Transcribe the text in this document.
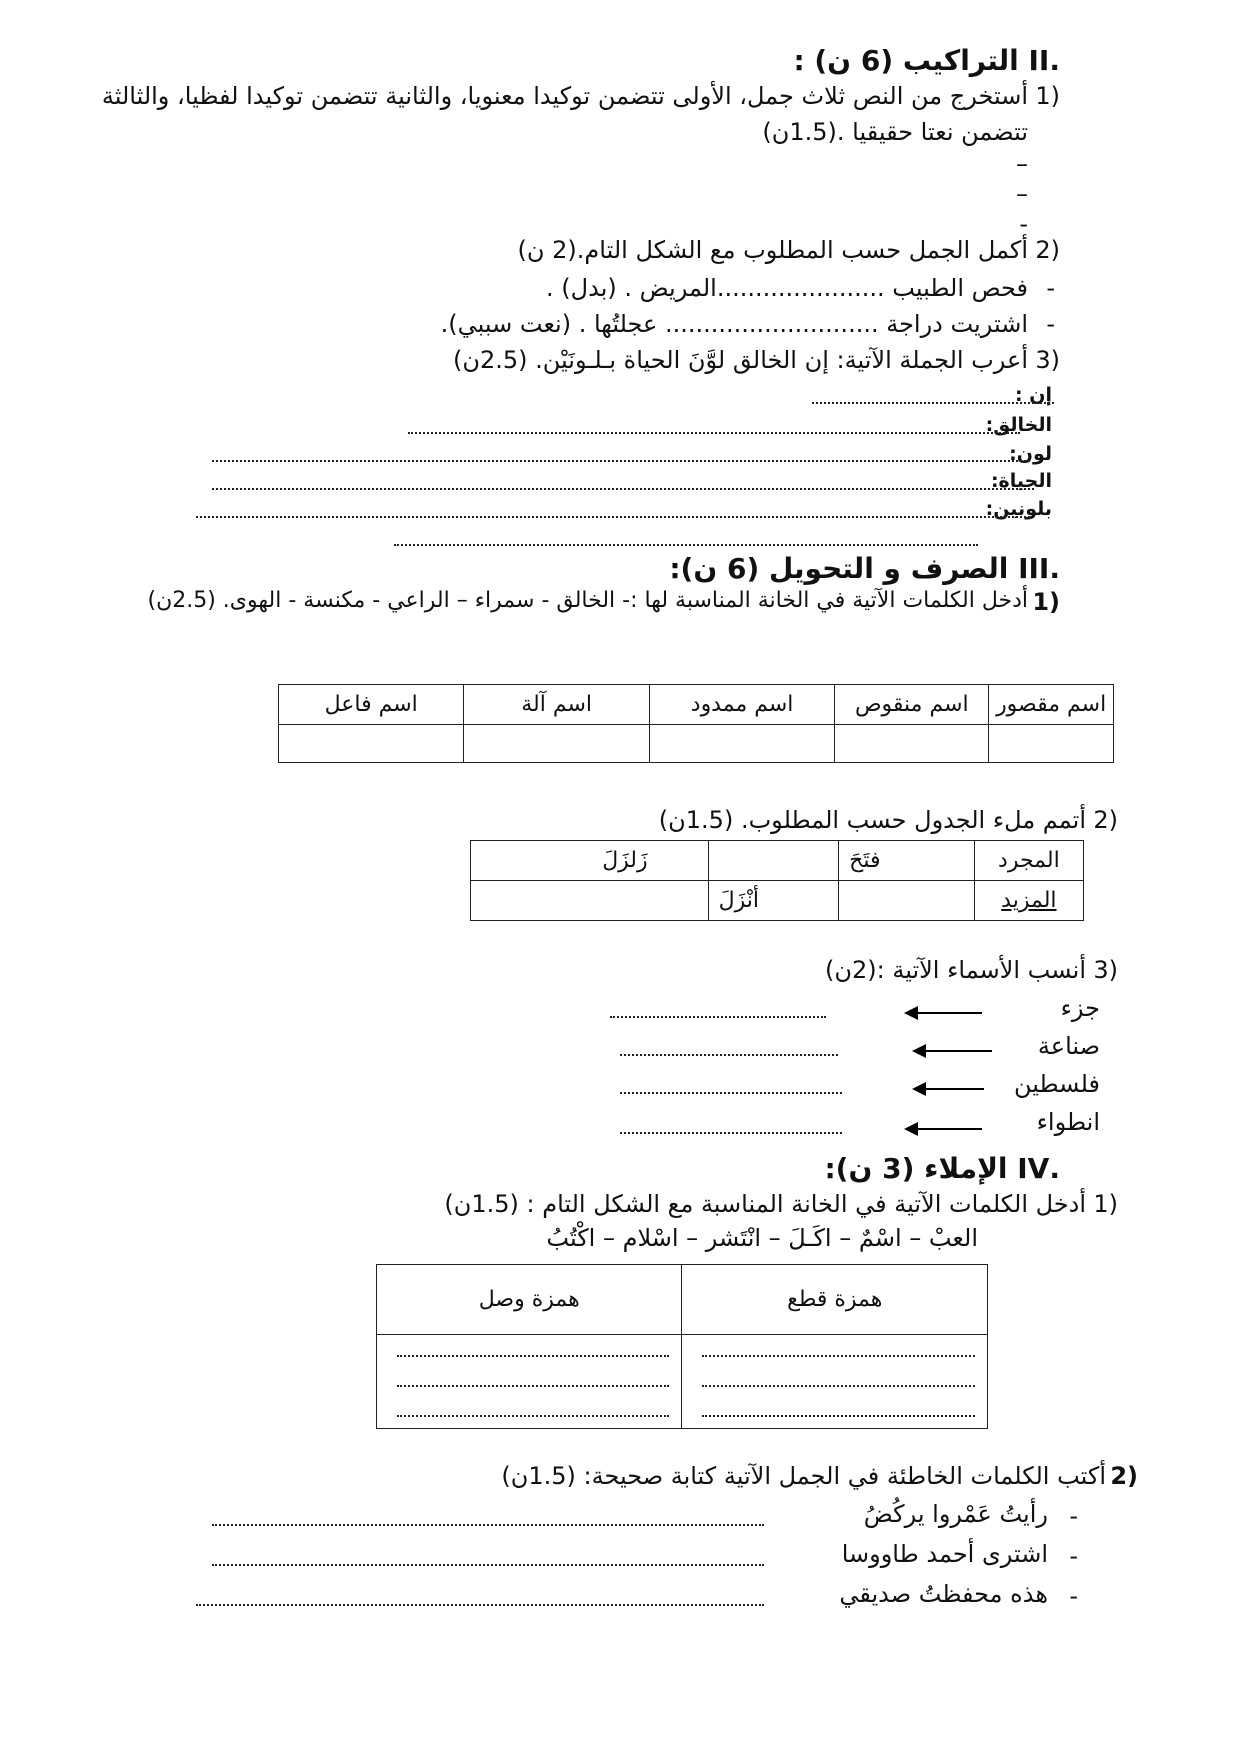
.II التراكيب (6 ن) :
1)
أستخرج من النص ثلاث جمل، الأولى تتضمن توكيدا معنويا، والثانية تتضمن توكيدا لفظيا، والثالثة
تتضمن نعتا حقيقيا .(1.5ن)
–
–
-
2)
أكمل الجمل حسب المطلوب مع الشكل التام.(2 ن)
-
فحص الطبيب ......................المريض . (بدل) .
-
اشتريت دراجة ............................ عجلتُها . (نعت سببي).
3)
أعرب الجملة الآتية: إن الخالق لوَّنَ الحياة بـلـونَيْن. (2.5ن)
إن :
الخالق:
لون:
الحياة:
بلونين:
.III الصرف و التحويل (6 ن):
1)
أدخل الكلمات الآتية في الخانة المناسبة لها :- الخالق - سمراء – الراعي - مكنسة - الهوى. (2.5ن)
اسم فاعل	اسم آلة	اسم ممدود	اسم منقوص	اسم مقصور

2)
أتمم ملء الجدول حسب المطلوب. (1.5ن)
زَلزَلَ		فتَحَ	المجرد
	أنْزَلَ		المزيد
3)
أنسب الأسماء الآتية :(2ن)
جزء
صناعة
فلسطين
انطواء
.IV الإملاء (3 ن):
1)
أدخل الكلمات الآتية في الخانة المناسبة مع الشكل التام : (1.5ن)
العبْ – اسْمٌ – اكَـلَ – انْتَشر – اسْلام – اكْتُبُ
همزة وصل	همزة قطع

2)
أكتب الكلمات الخاطئة في الجمل الآتية كتابة صحيحة: (1.5ن)
-
رأيتُ عَمْروا يركُضُ
-
اشترى أحمد طاووسا
-
هذه محفظتُ صديقي
